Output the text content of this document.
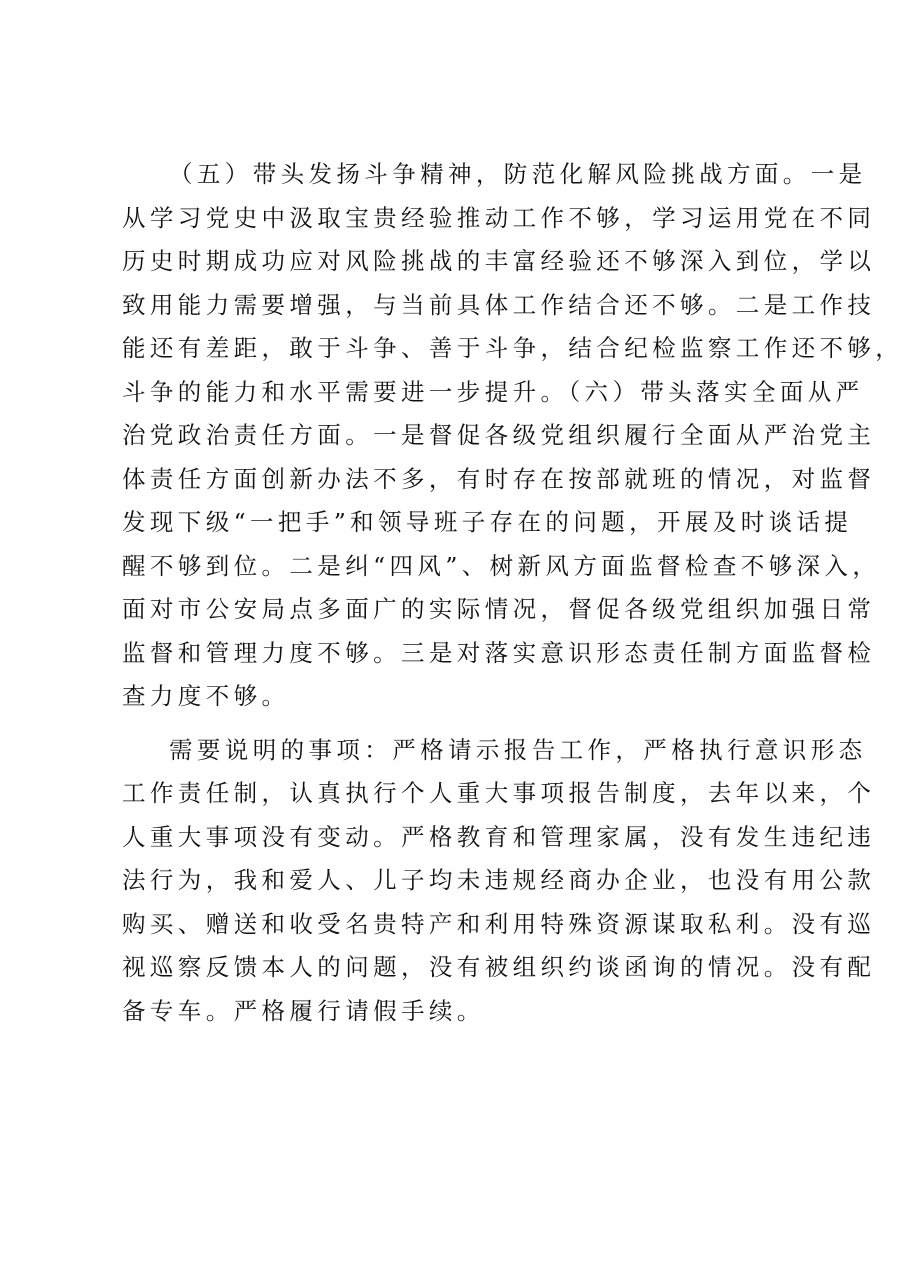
（五）带头发扬斗争精神，防范化解风险挑战方面。一是
从学习党史中汲取宝贵经验推动工作不够，学习运用党在不同
历史时期成功应对风险挑战的丰富经验还不够深入到位，学以
致用能力需要增强，与当前具体工作结合还不够。二是工作技
能还有差距，敢于斗争、善于斗争，结合纪检监察工作还不够，
斗争的能力和水平需要进一步提升。（六）带头落实全面从严
治党政治责任方面。一是督促各级党组织履行全面从严治党主
体责任方面创新办法不多，有时存在按部就班的情况，对监督
发现下级“一把手”和领导班子存在的问题，开展及时谈话提
醒不够到位。二是纠“四风”、树新风方面监督检查不够深入，
面对市公安局点多面广的实际情况，督促各级党组织加强日常
监督和管理力度不够。三是对落实意识形态责任制方面监督检
查力度不够。
需要说明的事项：严格请示报告工作，严格执行意识形态
工作责任制，认真执行个人重大事项报告制度，去年以来，个
人重大事项没有变动。严格教育和管理家属，没有发生违纪违
法行为，我和爱人、儿子均未违规经商办企业，也没有用公款
购买、赠送和收受名贵特产和利用特殊资源谋取私利。没有巡
视巡察反馈本人的问题，没有被组织约谈函询的情况。没有配
备专车。严格履行请假手续。
